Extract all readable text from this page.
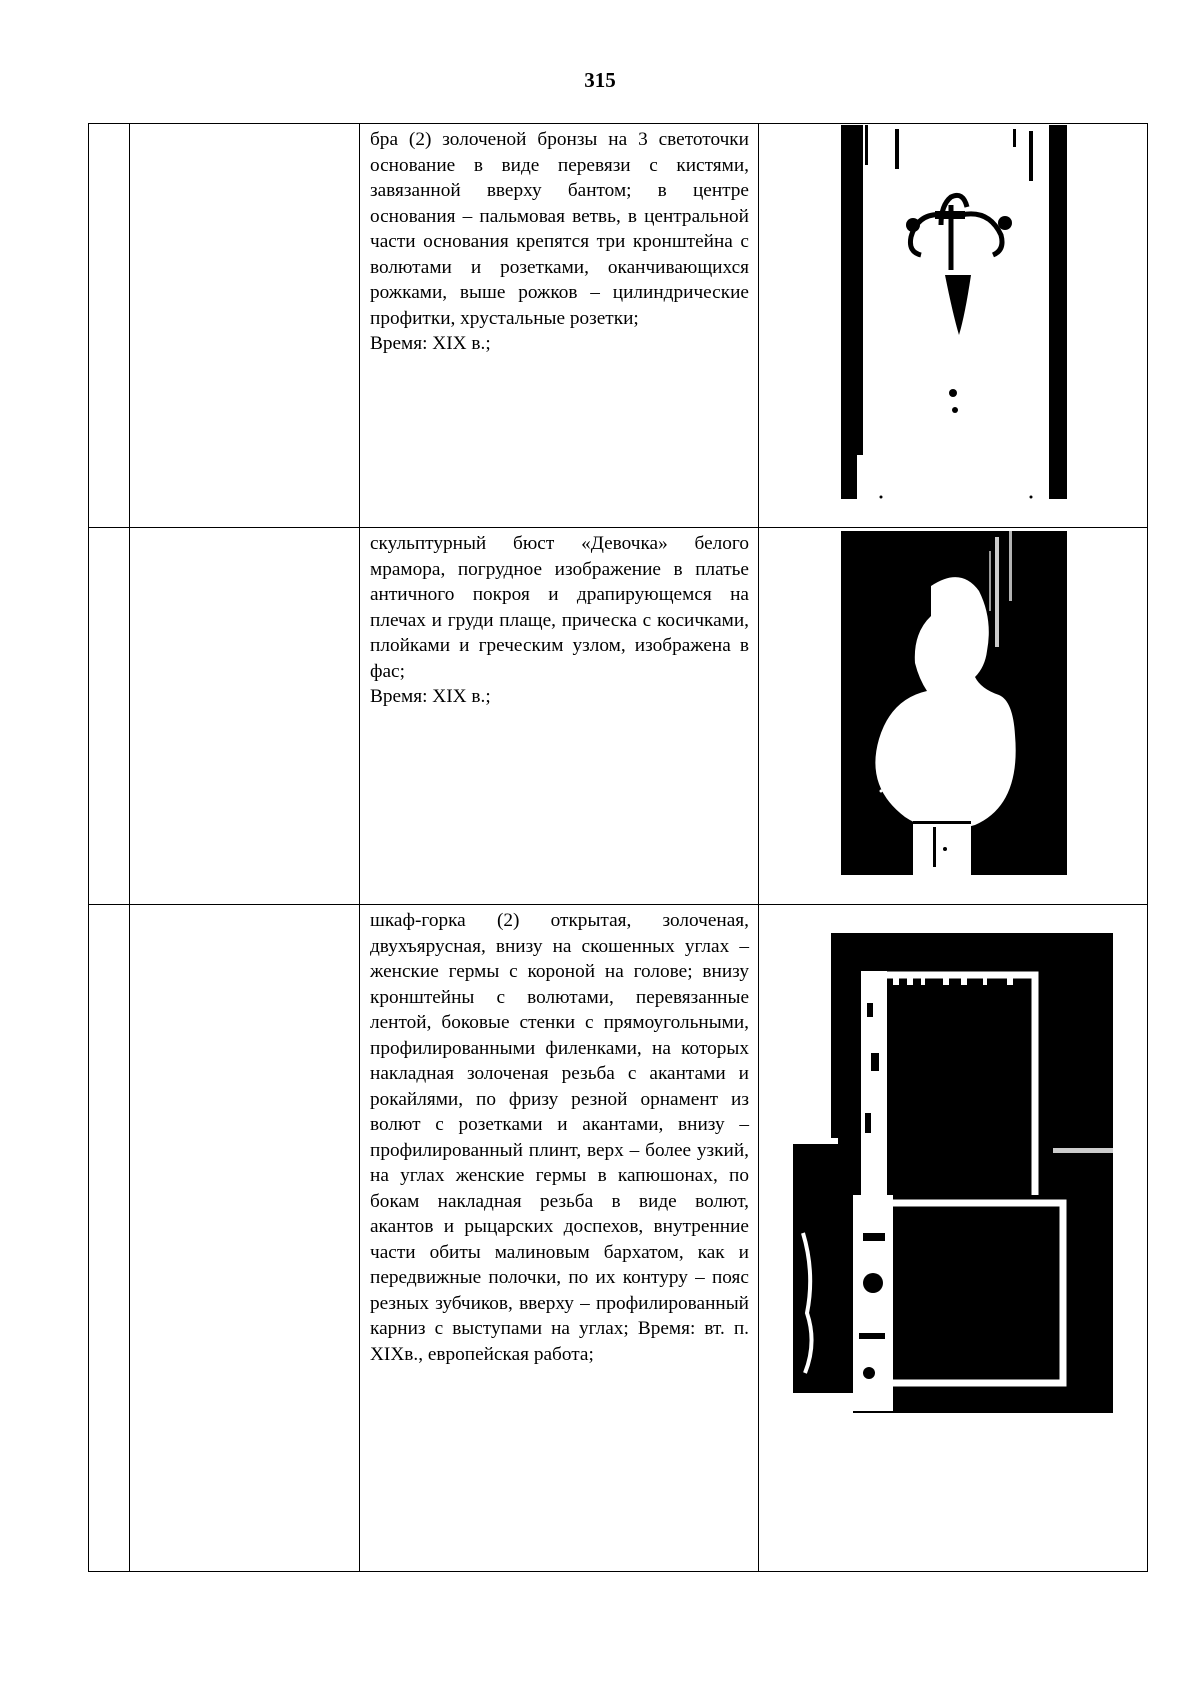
315

		бра (2) золоченой бронзы на 3 светоточки основание в виде перевязи с кистями, завязанной вверху бантом; в центре основания – пальмовая ветвь, в центральной части основания крепятся три кронштейна с волютами и розетками, оканчивающихся рожками, выше рожков – цилиндрические профитки, хрустальные розетки;

Время: XIX в.;

		скульптурный бюст «Девочка» белого мрамора, погрудное изображение в платье античного покроя и драпирующемся на плечах и груди плаще, прическа с косичками, плойками и греческим узлом, изображена в фас;

Время: XIX в.;

		шкаф-горка (2) открытая, золоченая, двухъярусная, внизу на скошенных углах – женские гермы с короной на голове; внизу кронштейны с волютами, перевязанные лентой, боковые стенки с прямоугольными, профилированными филенками, на которых накладная золоченая резьба с акантами и рокайлями, по фризу резной орнамент из волют с розетками и акантами, внизу – профилированный плинт, верх – более узкий, на углах женские гермы в капюшонах, по бокам накладная резьба в виде волют, акантов и рыцарских доспехов, внутренние части обиты малиновым бархатом, как и передвижные полочки, по их контуру – пояс резных зубчиков, вверху – профилированный карниз с выступами на углах; Время: вт. п. XIXв., европейская работа;
